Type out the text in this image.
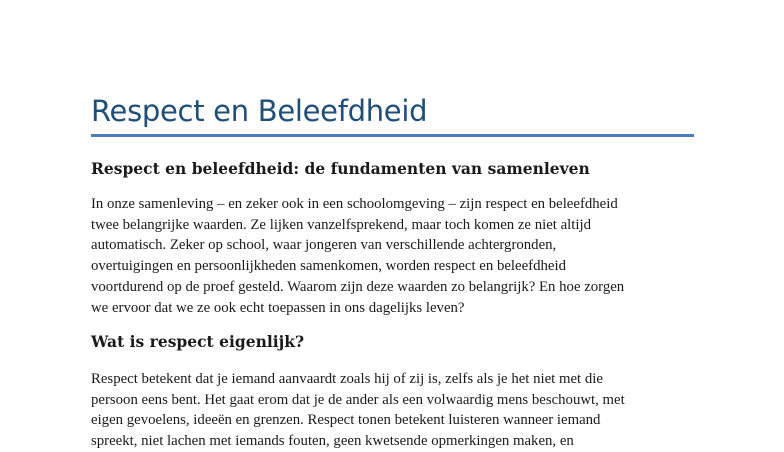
Respect en Beleefdheid
Respect en beleefdheid: de fundamenten van samenleven
In onze samenleving – en zeker ook in een schoolomgeving – zijn respect en beleefdheid
twee belangrijke waarden. Ze lijken vanzelfsprekend, maar toch komen ze niet altijd
automatisch. Zeker op school, waar jongeren van verschillende achtergronden,
overtuigingen en persoonlijkheden samenkomen, worden respect en beleefdheid
voortdurend op de proef gesteld. Waarom zijn deze waarden zo belangrijk? En hoe zorgen
we ervoor dat we ze ook echt toepassen in ons dagelijks leven?
Wat is respect eigenlijk?
Respect betekent dat je iemand aanvaardt zoals hij of zij is, zelfs als je het niet met die
persoon eens bent. Het gaat erom dat je de ander als een volwaardig mens beschouwt, met
eigen gevoelens, ideeën en grenzen. Respect tonen betekent luisteren wanneer iemand
spreekt, niet lachen met iemands fouten, geen kwetsende opmerkingen maken, en
